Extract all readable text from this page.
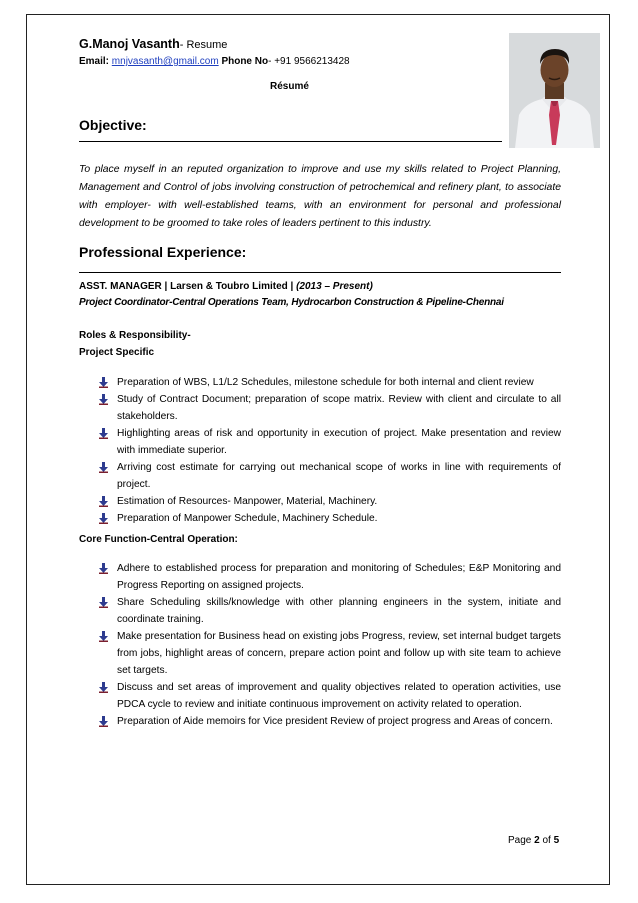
G.Manoj Vasanth- Resume
Email: mnjvasanth@gmail.com Phone No- +91 9566213428
Résumé
Objective:
To place myself in an reputed organization to improve and use my skills related to Project Planning, Management and Control of jobs involving construction of petrochemical and refinery plant, to associate with employer- with well-established teams, with an environment for personal and professional development to be groomed to take roles of leaders pertinent to this industry.
Professional Experience:
ASST. MANAGER | Larsen & Toubro Limited | (2013 – Present)
Project Coordinator-Central Operations Team, Hydrocarbon Construction & Pipeline-Chennai
Roles & Responsibility-
Project Specific
Preparation of WBS, L1/L2 Schedules, milestone schedule for both internal and client review
Study of Contract Document; preparation of scope matrix. Review with client and circulate to all stakeholders.
Highlighting areas of risk and opportunity in execution of project. Make presentation and review with immediate superior.
Arriving cost estimate for carrying out mechanical scope of works in line with requirements of project.
Estimation of Resources- Manpower, Material, Machinery.
Preparation of Manpower Schedule, Machinery Schedule.
Core Function-Central Operation:
Adhere to established process for preparation and monitoring of Schedules; E&P Monitoring and Progress Reporting on assigned projects.
Share Scheduling skills/knowledge with other planning engineers in the system, initiate and coordinate training.
Make presentation for Business head on existing jobs Progress, review, set internal budget targets from jobs, highlight areas of concern, prepare action point and follow up with site team to achieve set targets.
Discuss and set areas of improvement and quality objectives related to operation activities, use PDCA cycle to review and initiate continuous improvement on activity related to operation.
Preparation of Aide memoirs for Vice president Review of project progress and Areas of concern.
Page 2 of 5
